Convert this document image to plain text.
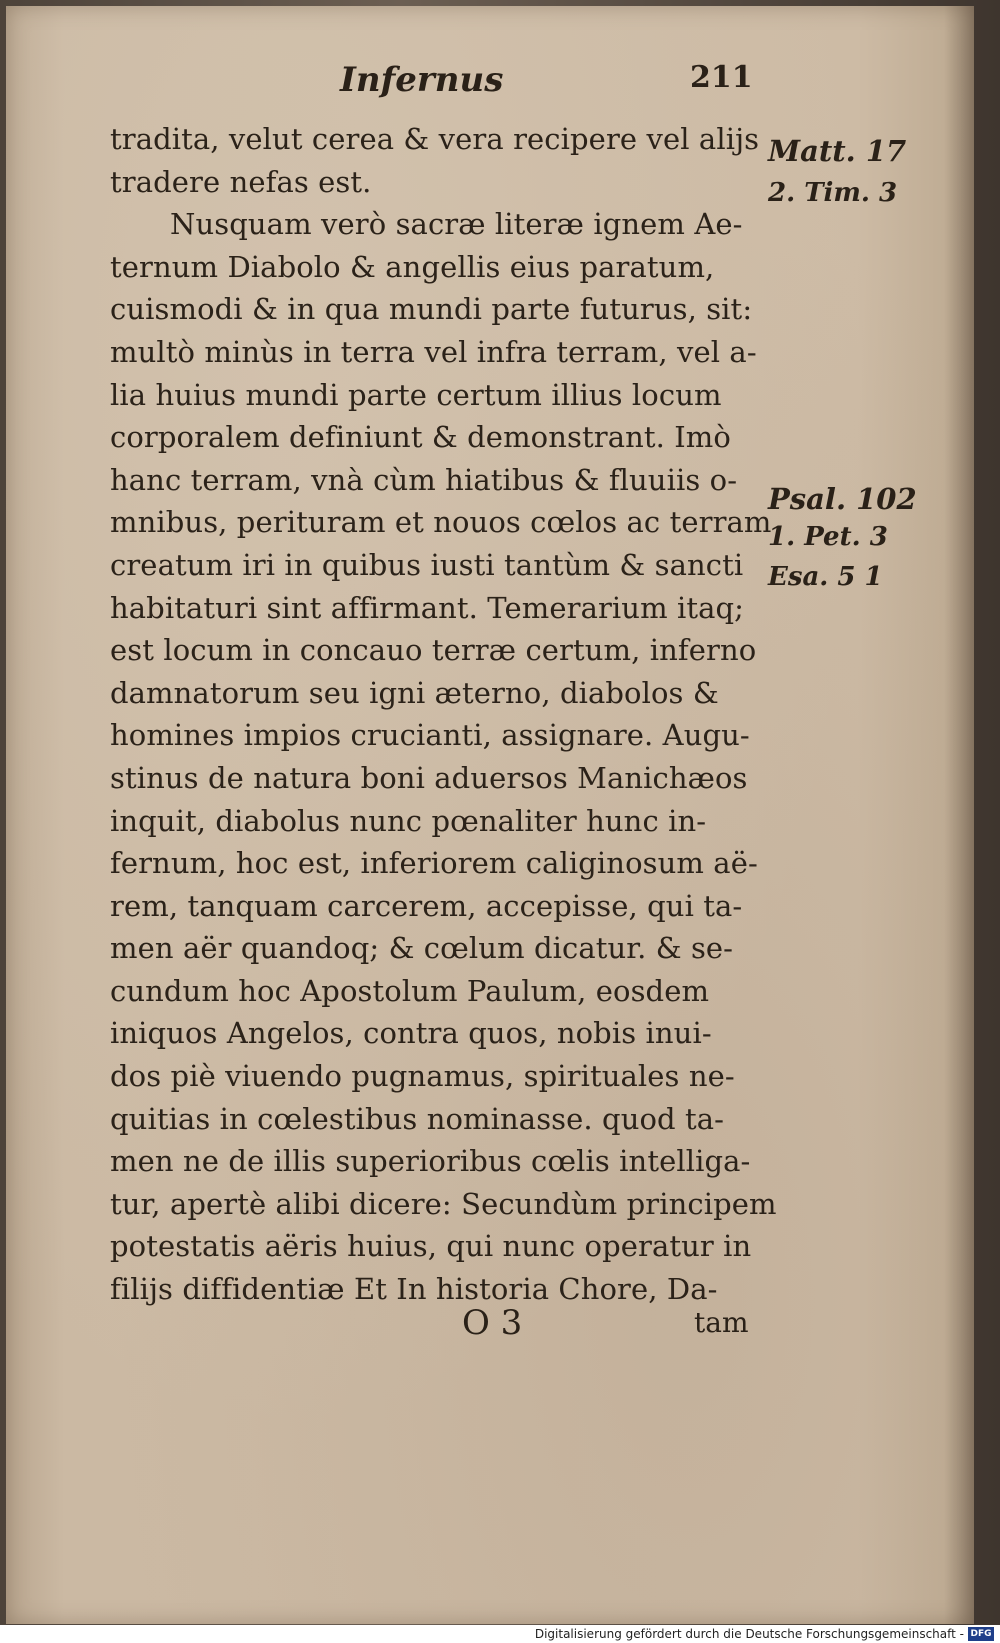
Infernus	211
tradita, velut cerea & vera recipere vel alijs
tradere nefas est.
Nusquam verò sacræ literæ ignem Ae-
ternum Diabolo & angellis eius paratum,
cuismodi & in qua mundi parte futurus, sit:
multò minùs in terra vel infra terram, vel a-
lia huius mundi parte certum illius locum
corporalem definiunt & demonstrant. Imò
hanc terram, vnà cùm hiatibus & fluuiis o-
mnibus, perituram et nouos cœlos ac terram
creatum iri in quibus iusti tantùm & sancti
habitaturi sint affirmant. Temerarium itaq;
est locum in concauo terræ certum, inferno
damnatorum seu igni æterno, diabolos &
homines impios crucianti, assignare. Augu-
stinus de natura boni aduersos Manichæos
inquit, diabolus nunc pœnaliter hunc in-
fernum, hoc est, inferiorem caliginosum aë-
rem, tanquam carcerem, accepisse, qui ta-
men aër quandoq; & cœlum dicatur. & se-
cundum hoc Apostolum Paulum, eosdem
iniquos Angelos, contra quos, nobis inui-
dos piè viuendo pugnamus, spirituales ne-
quitias in cœlestibus nominasse. quod ta-
men ne de illis superioribus cœlis intelliga-
tur, apertè alibi dicere: Secundùm principem
potestatis aëris huius, qui nunc operatur in
filijs diffidentiæ Et In historia Chore, Da-
Matt. 17
2. Tim. 3
Psal. 102
1. Pet. 3
Esa. 5 1
O 3	tam
Digitalisierung gefördert durch die Deutsche Forschungsgemeinschaft - DFG
